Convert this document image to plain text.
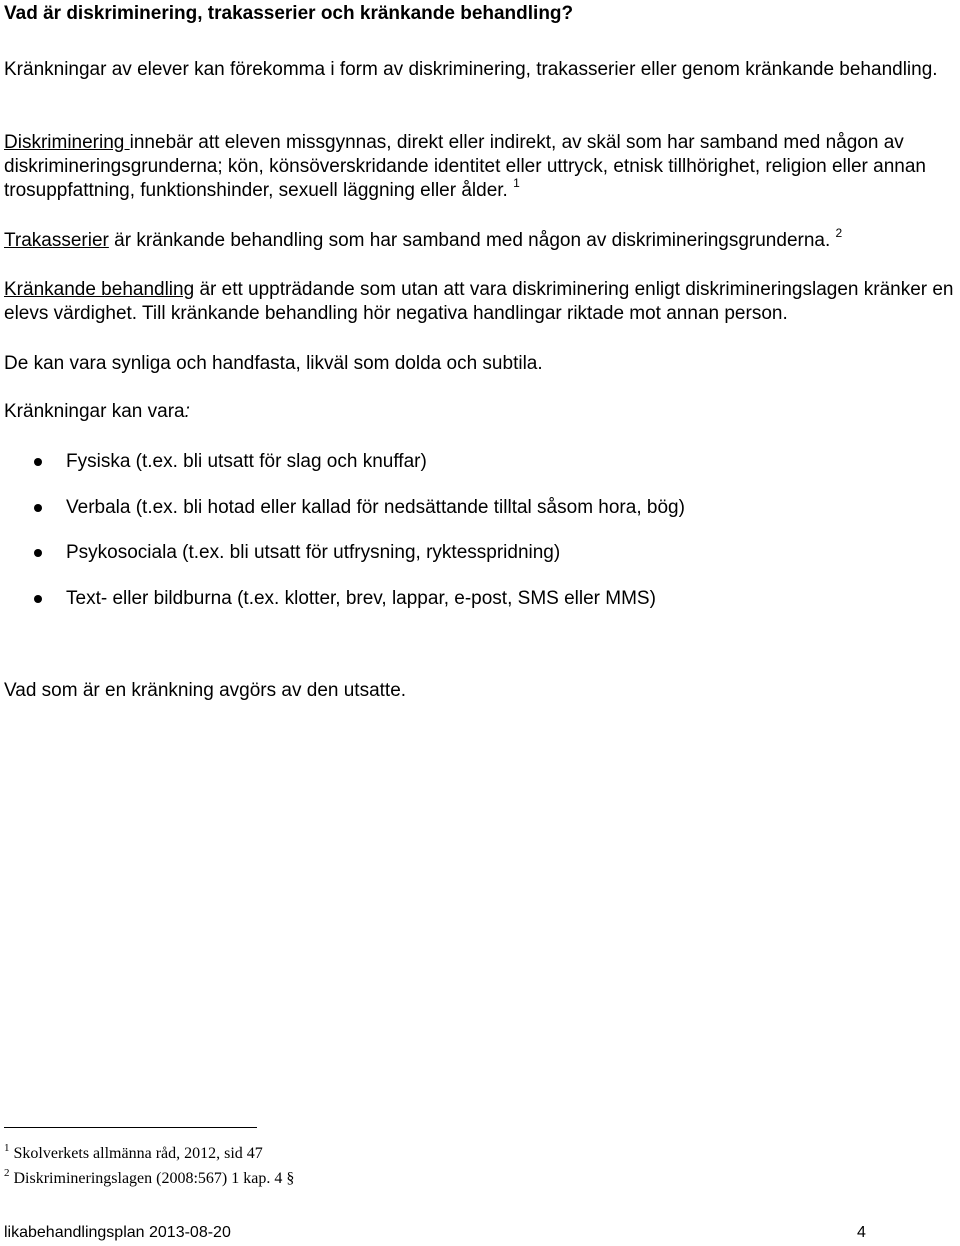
Vad är diskriminering, trakasserier och kränkande behandling?

Kränkningar av elever kan förekomma i form av diskriminering, trakasserier eller genom kränkande behandling.

Diskriminering innebär att eleven missgynnas, direkt eller indirekt, av skäl som har samband med någon av diskrimineringsgrunderna; kön, könsöverskridande identitet eller uttryck, etnisk tillhörighet, religion eller annan trosuppfattning, funktionshinder, sexuell läggning eller ålder. $^1$

Trakasserier är kränkande behandling som har samband med någon av diskrimineringsgrunderna. $^2$

Kränkande behandling är ett uppträdande som utan att vara diskriminering enligt diskrimineringslagen kränker en elevs värdighet. Till kränkande behandling hör negativa handlingar riktade mot annan person.

De kan vara synliga och handfasta, likväl som dolda och subtila.

Kränkningar kan vara:

Fysiska (t.ex. bli utsatt för slag och knuffar)
Verbala (t.ex. bli hotad eller kallad för nedsättande tilltal såsom hora, bög)
Psykosociala (t.ex. bli utsatt för utfrysning, ryktesspridning)
Text- eller bildburna (t.ex. klotter, brev, lappar, e-post, SMS eller MMS)

Vad som är en kränkning avgörs av den utsatte.

$^1$ Skolverkets allmänna råd, 2012, sid 47
$^2$ Diskrimineringslagen (2008:567) 1 kap. 4 §
likabehandlingsplan 2013-08-20	4
